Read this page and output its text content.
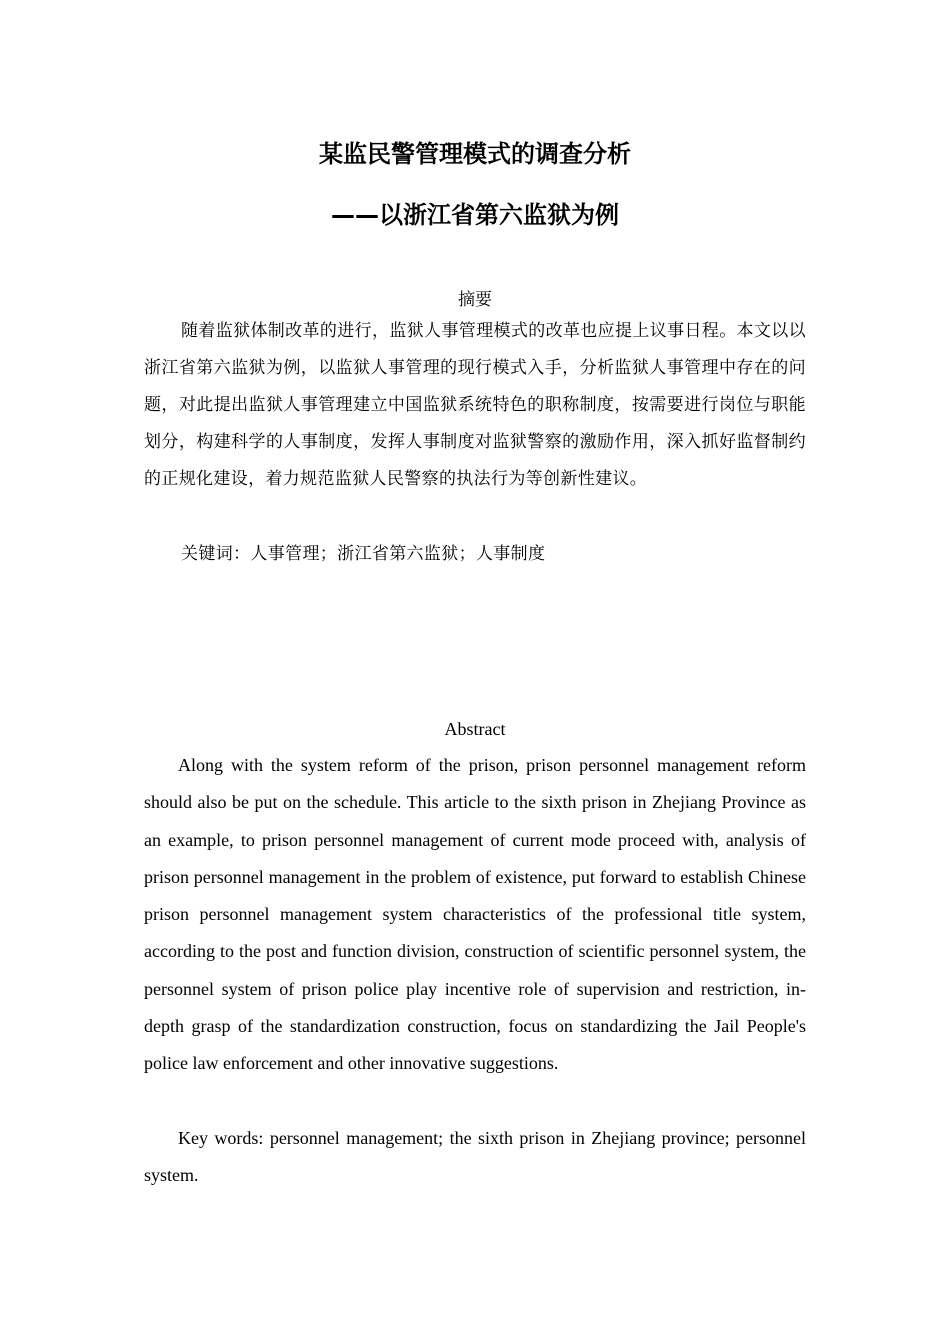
某监民警管理模式的调查分析
——以浙江省第六监狱为例
摘要

随着监狱体制改革的进行，监狱人事管理模式的改革也应提上议事日程。本文以以浙江省第六监狱为例，以监狱人事管理的现行模式入手，分析监狱人事管理中存在的问题，对此提出监狱人事管理建立中国监狱系统特色的职称制度，按需要进行岗位与职能划分，构建科学的人事制度，发挥人事制度对监狱警察的激励作用，深入抓好监督制约的正规化建设，着力规范监狱人民警察的执法行为等创新性建议。

关键词：人事管理；浙江省第六监狱；人事制度

Abstract

Along with the system reform of the prison, prison personnel management reform should also be put on the schedule. This article to the sixth prison in Zhejiang Province as an example, to prison personnel management of current mode proceed with, analysis of prison personnel management in the problem of existence, put forward to establish Chinese prison personnel management system characteristics of the professional title system, according to the post and function division, construction of scientific personnel system, the personnel system of prison police play incentive role of supervision and restriction, in-depth grasp of the standardization construction, focus on standardizing the Jail People's police law enforcement and other innovative suggestions.

Key words: personnel management; the sixth prison in Zhejiang province; personnel system.
